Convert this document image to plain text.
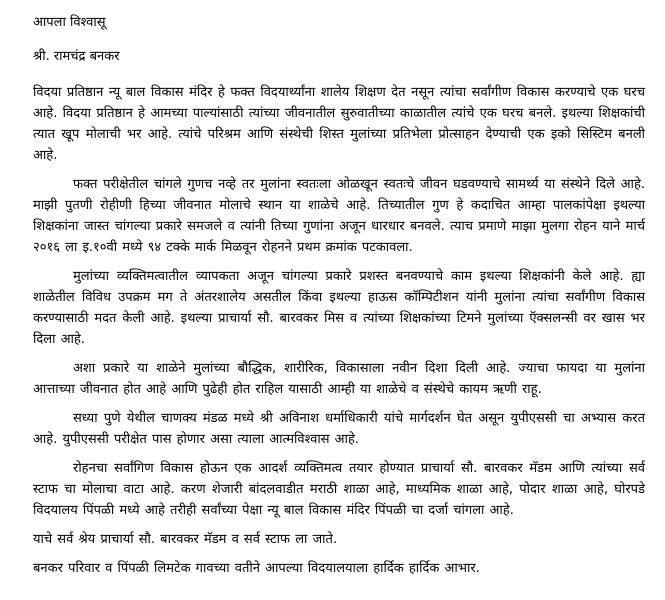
आपला विश्वासू
श्री. रामचंद्र बनकर

विदया प्रतिष्ठान न्यू बाल विकास मंदिर हे फक्त विदयार्थ्यांना शालेय शिक्षण देत नसून त्यांचा सर्वांगीण विकास करण्याचे एक घरच आहे. विदया प्रतिष्ठान हे आमच्या पाल्यांसाठी त्यांच्या जीवनातील सुरुवातीच्या काळातील त्यांचे एक घरच बनले. इथल्या शिक्षकांची त्यात खूप मोलाची भर आहे. त्यांचे परिश्रम आणि संस्थेची शिस्त मुलांच्या प्रतिभेला प्रोत्साहन देण्याची एक इको सिस्टिम बनली आहे.

फक्त परीक्षेतील चांगले गुणच नव्हे तर मुलांना स्वतःला ओळखून स्वतःचे जीवन घडवण्याचे सामर्थ्य या संस्थेने दिले आहे. माझी पुतणी रोहीणी हिच्या जीवनात मोलाचे स्थान या शाळेचे आहे. तिच्यातील गुण हे कदाचित आम्हा पालकांपेक्षा इथल्या शिक्षकांना जास्त चांगल्या प्रकारे समजले व त्यांनी तिच्या गुणांना अजून धारधार बनवले. त्याच प्रमाणे माझा मुलगा रोहन याने मार्च २०१६ ला इ.१०वी मध्ये ९४ टक्के मार्क मिळवून रोहनने प्रथम क्रमांक पटकावला.

मुलांच्या व्यक्तिमत्वातील व्यापकता अजून चांगल्या प्रकारे प्रशस्त बनवण्याचे काम इथल्या शिक्षकांनी केले आहे. ह्या शाळेतील विविध उपक्रम मग ते अंतरशालेय असतील किंवा इथल्या हाऊस कॉम्पिटीशन यांनी मुलांना त्यांचा सर्वांगीण विकास करण्यासाठी मदत केली आहे. इथल्या प्राचार्या सौ. बारवकर मिस व त्यांच्या शिक्षकांच्या टिमने मुलांच्या ऍक्सलन्सी वर खास भर दिला आहे.

अशा प्रकारे या शाळेने मुलांच्या बौद्धिक, शारीरिक, विकासाला नवीन दिशा दिली आहे. ज्याचा फायदा या मुलांना आत्ताच्या जीवनात होत आहे आणि पुढेही होत राहिल यासाठी आम्ही या शाळेचे व संस्थेचे कायम ऋणी राहू.

सध्या पुणे येथील चाणक्य मंडळ मध्ये श्री अविनाश धर्माधिकारी यांचे मार्गदर्शन घेत असून युपीएससी चा अभ्यास करत आहे. युपीएससी परीक्षेत पास होणार असा त्याला आत्मविश्वास आहे.

रोहनचा सर्वांगिण विकास होऊन एक आदर्श व्यक्तिमत्व तयार होण्यात प्राचार्या सौ. बारवकर मॅडम आणि त्यांच्या सर्व स्टाफ चा मोलाचा वाटा आहे. करण शेजारी बांदलवाडीत मराठी शाळा आहे, माध्यमिक शाळा आहे, पोदार शाळा आहे, घोरपडे विदयालय पिंपळी मध्ये आहे तरीही सर्वांच्या पेक्षा न्यू बाल विकास मंदिर पिंपळी चा दर्जा चांगला आहे.

याचे सर्व श्रेय प्राचार्या सौ. बारवकर मॅडम व सर्व स्टाफ ला जाते.

बनकर परिवार व पिंपळी लिमटेक गावच्या वतीने आपल्या विदयालयाला हार्दिक हार्दिक आभार.
